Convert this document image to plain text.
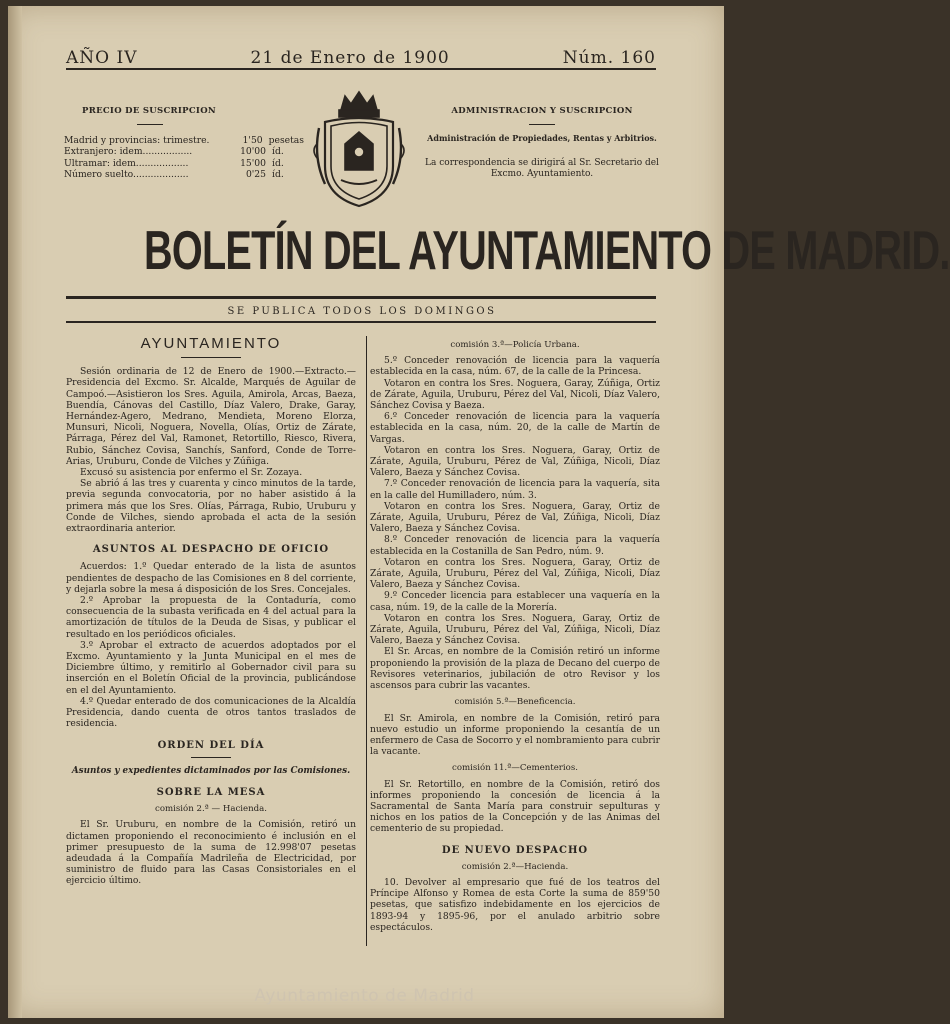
AÑO IV	21 de Enero de 1900	Núm. 160
PRECIO DE SUSCRIPCION
Madrid y provincias: trimestre.	1'50 pesetas
Extranjero: idem.................	10'00 íd.
Ultramar: idem..................	15'00 íd.
Número suelto...................	0'25 íd.
ADMINISTRACION Y SUSCRIPCION
Administración de Propiedades, Rentas y Arbitrios.
La correspondencia se dirigirá al Sr. Secretario del Excmo. Ayuntamiento.
BOLETÍN DEL AYUNTAMIENTO DE MADRID.
SE PUBLICA TODOS LOS DOMINGOS
AYUNTAMIENTO

Sesión ordinaria de 12 de Enero de 1900.—Extracto.—Presidencia del Excmo. Sr. Alcalde, Marqués de Aguilar de Campoó.—Asistieron los Sres. Aguila, Amirola, Arcas, Baeza, Buendía, Cánovas del Castillo, Díaz Valero, Drake, Garay, Hernández-Agero, Medrano, Mendieta, Moreno Elorza, Munsuri, Nicoli, Noguera, Novella, Olías, Ortiz de Zárate, Párraga, Pérez del Val, Ramonet, Retortillo, Riesco, Rivera, Rubio, Sánchez Covisa, Sanchís, Sanford, Conde de Torre-Arias, Uruburu, Conde de Vilches y Zúñiga.

Excusó su asistencia por enfermo el Sr. Zozaya.

Se abrió á las tres y cuarenta y cinco minutos de la tarde, previa segunda convocatoria, por no haber asistido á la primera más que los Sres. Olías, Párraga, Rubio, Uruburu y Conde de Vilches, siendo aprobada el acta de la sesión extraordinaria anterior.

ASUNTOS AL DESPACHO DE OFICIO

Acuerdos: 1.º Quedar enterado de la lista de asuntos pendientes de despacho de las Comisiones en 8 del corriente, y dejarla sobre la mesa á disposición de los Sres. Concejales.

2.º Aprobar la propuesta de la Contaduría, como consecuencia de la subasta verificada en 4 del actual para la amortización de títulos de la Deuda de Sisas, y publicar el resultado en los periódicos oficiales.

3.º Aprobar el extracto de acuerdos adoptados por el Excmo. Ayuntamiento y la Junta Municipal en el mes de Diciembre último, y remitirlo al Gobernador civil para su inserción en el Boletín Oficial de la provincia, publicándose en el del Ayuntamiento.

4.º Quedar enterado de dos comunicaciones de la Alcaldía Presidencia, dando cuenta de otros tantos traslados de residencia.

ORDEN DEL DÍA
Asuntos y expedientes dictaminados por las Comisiones.
SOBRE LA MESA
comisión 2.ª — Hacienda.

El Sr. Uruburu, en nombre de la Comisión, retiró un dictamen proponiendo el reconocimiento é inclusión en el primer presupuesto de la suma de 12.998'07 pesetas adeudada á la Compañía Madrileña de Electricidad, por suministro de fluido para las Casas Consistoriales en el ejercicio último.

comisión 3.ª—Policía Urbana.

5.º Conceder renovación de licencia para la vaquería establecida en la casa, núm. 67, de la calle de la Princesa.

Votaron en contra los Sres. Noguera, Garay, Zúñiga, Ortiz de Zárate, Aguila, Uruburu, Pérez del Val, Nicoli, Díaz Valero, Sánchez Covisa y Baeza.

6.º Conceder renovación de licencia para la vaquería establecida en la casa, núm. 20, de la calle de Martín de Vargas.

Votaron en contra los Sres. Noguera, Garay, Ortiz de Zárate, Aguila, Uruburu, Pérez de Val, Zúñiga, Nicoli, Díaz Valero, Baeza y Sánchez Covisa.

7.º Conceder renovación de licencia para la vaquería, sita en la calle del Humilladero, núm. 3.

Votaron en contra los Sres. Noguera, Garay, Ortiz de Zárate, Aguila, Uruburu, Pérez de Val, Zúñiga, Nicoli, Díaz Valero, Baeza y Sánchez Covisa.

8.º Conceder renovación de licencia para la vaquería establecida en la Costanilla de San Pedro, núm. 9.

Votaron en contra los Sres. Noguera, Garay, Ortiz de Zárate, Aguila, Uruburu, Pérez del Val, Zúñiga, Nicoli, Díaz Valero, Baeza y Sánchez Covisa.

9.º Conceder licencia para establecer una vaquería en la casa, núm. 19, de la calle de la Morería.

Votaron en contra los Sres. Noguera, Garay, Ortiz de Zárate, Aguila, Uruburu, Pérez del Val, Zúñiga, Nicoli, Díaz Valero, Baeza y Sánchez Covisa.

El Sr. Arcas, en nombre de la Comisión retiró un informe proponiendo la provisión de la plaza de Decano del cuerpo de Revisores veterinarios, jubilación de otro Revisor y los ascensos para cubrir las vacantes.

comisión 5.ª—Beneficencia.

El Sr. Amirola, en nombre de la Comisión, retiró para nuevo estudio un informe proponiendo la cesantía de un enfermero de Casa de Socorro y el nombramiento para cubrir la vacante.

comisión 11.ª—Cementerios.

El Sr. Retortillo, en nombre de la Comisión, retiró dos informes proponiendo la concesión de licencia á la Sacramental de Santa María para construir sepulturas y nichos en los patios de la Concepción y de las Animas del cementerio de su propiedad.

DE NUEVO DESPACHO
comisión 2.ª—Hacienda.

10. Devolver al empresario que fué de los teatros del Príncipe Alfonso y Romea de esta Corte la suma de 859'50 pesetas, que satisfizo indebidamente en los ejercicios de 1893-94 y 1895-96, por el anulado arbitrio sobre espectáculos.

Ayuntamiento de Madrid
